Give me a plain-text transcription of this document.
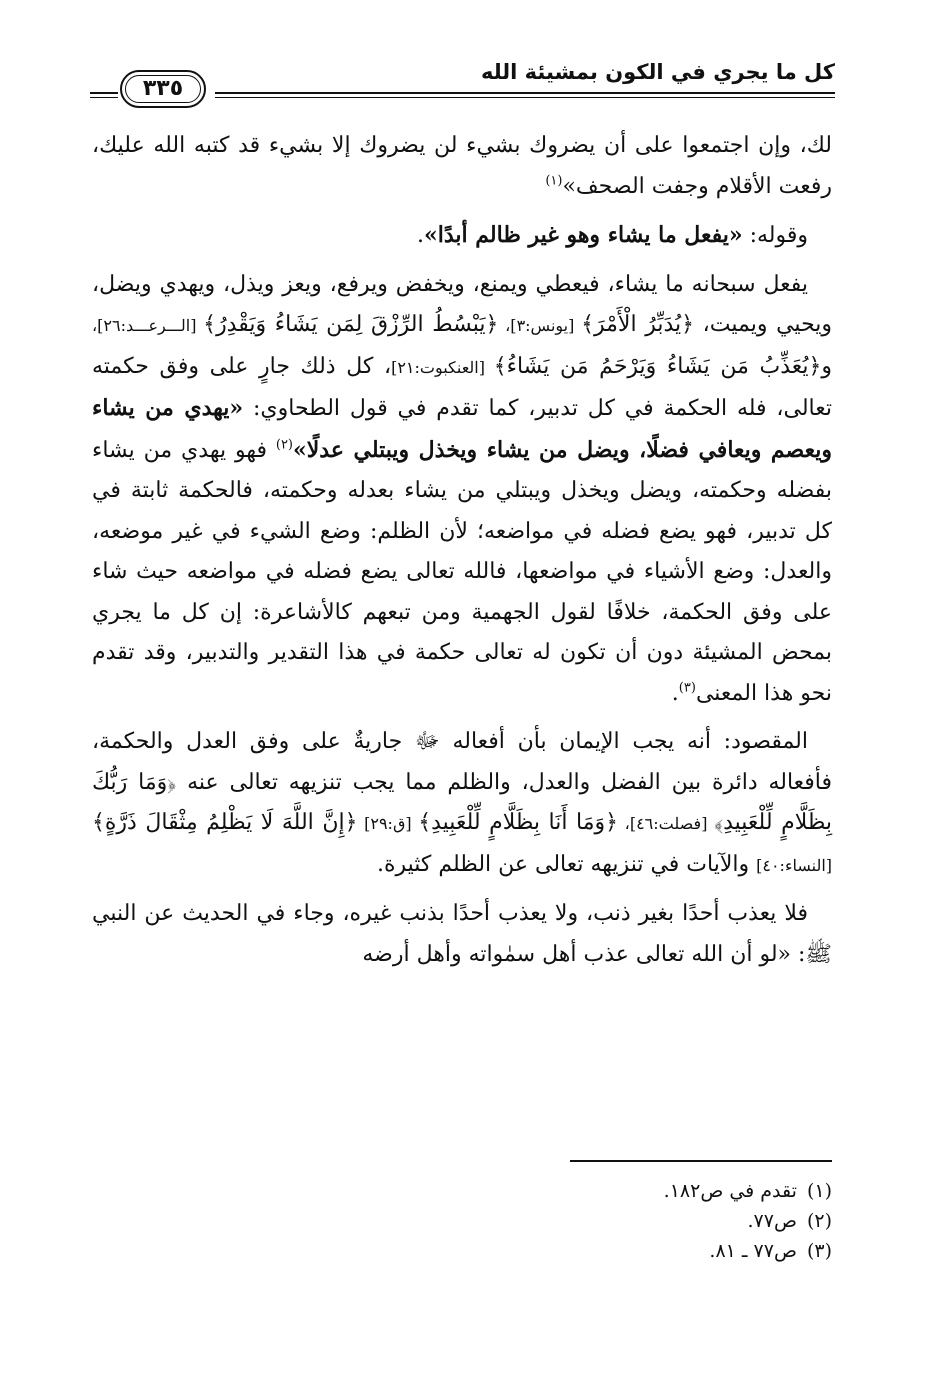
كل ما يجري في الكون بمشيئة الله
٣٣٥

لك، وإن اجتمعوا على أن يضروك بشيء لن يضروك إلا بشيء قد كتبه الله عليك، رفعت الأقلام وجفت الصحف»$^{(١)}$

وقوله: «يفعل ما يشاء وهو غير ظالم أبدًا».

يفعل سبحانه ما يشاء، فيعطي ويمنع، ويخفض ويرفع، ويعز ويذل، ويهدي ويضل، ويحيي ويميت، ﴿يُدَبِّرُ الْأَمْرَ﴾ [يونس:٣]، ﴿يَبْسُطُ الرِّزْقَ لِمَن يَشَاءُ وَيَقْدِرُ﴾ [الـــرعـــد:٢٦]، و﴿يُعَذِّبُ مَن يَشَاءُ وَيَرْحَمُ مَن يَشَاءُ﴾ [العنكبوت:٢١]، كل ذلك جارٍ على وفق حكمته تعالى، فله الحكمة في كل تدبير، كما تقدم في قول الطحاوي: «يهدي من يشاء ويعصم ويعافي فضلًا، ويضل من يشاء ويخذل ويبتلي عدلًا»$^{(٢)}$ فهو يهدي من يشاء بفضله وحكمته، ويضل ويخذل ويبتلي من يشاء بعدله وحكمته، فالحكمة ثابتة في كل تدبير، فهو يضع فضله في مواضعه؛ لأن الظلم: وضع الشيء في غير موضعه، والعدل: وضع الأشياء في مواضعها، فالله تعالى يضع فضله في مواضعه حيث شاء على وفق الحكمة، خلافًا لقول الجهمية ومن تبعهم كالأشاعرة: إن كل ما يجري بمحض المشيئة دون أن تكون له تعالى حكمة في هذا التقدير والتدبير، وقد تقدم نحو هذا المعنى$^{(٣)}$.

المقصود: أنه يجب الإيمان بأن أفعاله ﷻ جاريةٌ على وفق العدل والحكمة، فأفعاله دائرة بين الفضل والعدل، والظلم مما يجب تنزيهه تعالى عنه ﴿وَمَا رَبُّكَ بِظَلَّامٍ لِّلْعَبِيدِ﴾ [فصلت:٤٦]، ﴿وَمَا أَنَا بِظَلَّامٍ لِّلْعَبِيدِ﴾ [ق:٢٩] ﴿إِنَّ اللَّهَ لَا يَظْلِمُ مِثْقَالَ ذَرَّةٍ﴾ [النساء:٤٠] والآيات في تنزيهه تعالى عن الظلم كثيرة.

فلا يعذب أحدًا بغير ذنب، ولا يعذب أحدًا بذنب غيره، وجاء في الحديث عن النبي ﷺ: «لو أن الله تعالى عذب أهل سمٰواته وأهل أرضه

(١)تقدم في ص١٨٢.
(٢)ص٧٧.
(٣)ص٧٧ ـ ٨١.
